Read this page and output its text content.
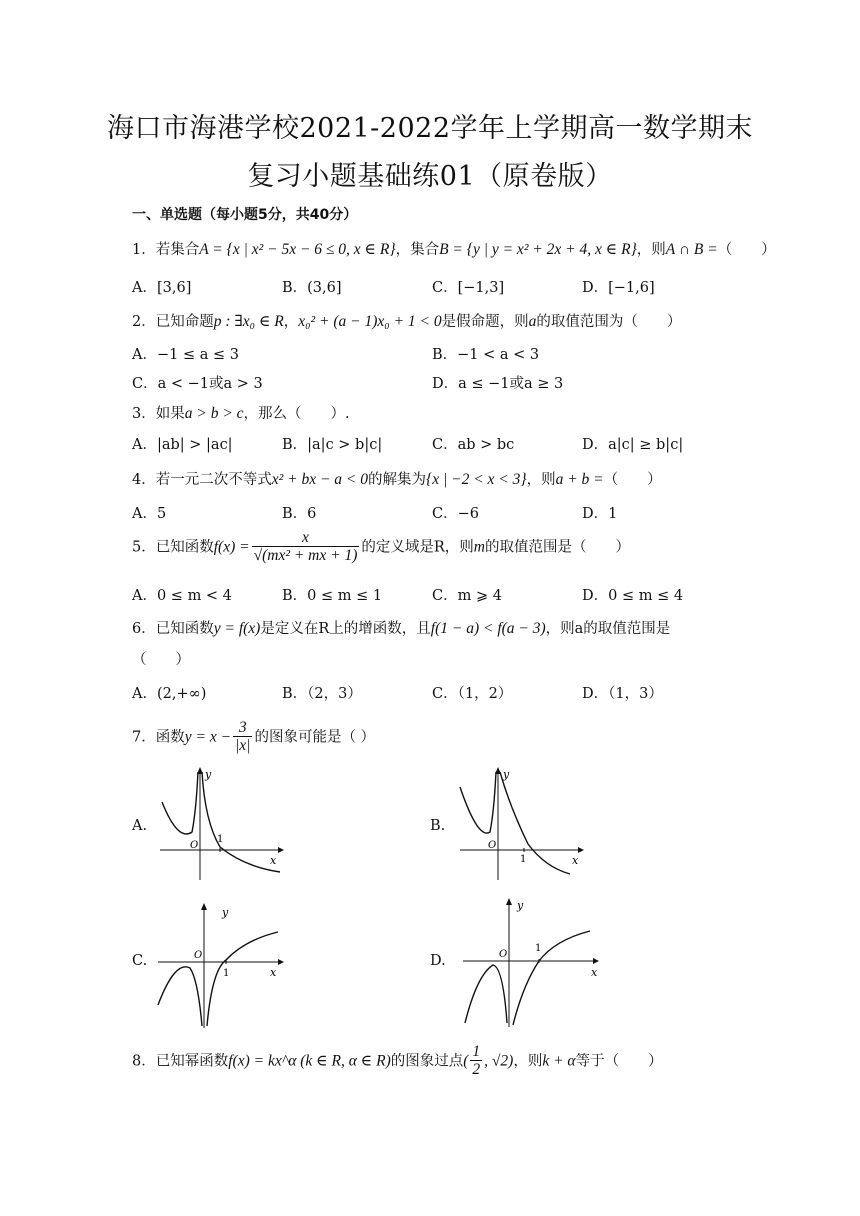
海口市海港学校2021-2022学年上学期高一数学期末
复习小题基础练01（原卷版）
一、单选题（每小题5分，共40分）
1．若集合A = {x | x² − 5x − 6 ≤ 0, x ∈ R}，集合B = {y | y = x² + 2x + 4, x ∈ R}，则A ∩ B =（　　）
A．[3,6]	B．(3,6]	C．[−1,3]	D．[−1,6]
2．已知命题p : ∃x₀ ∈ R，x₀² + (a − 1)x₀ + 1 < 0是假命题，则a的取值范围为（　　）
A．−1 ≤ a ≤ 3	B．−1 < a < 3
C．a < −1或a > 3	D．a ≤ −1或a ≥ 3
3．如果a > b > c，那么（　　）.
A．|ab| > |ac|	B．|a|c > b|c|	C．ab > bc	D．a|c| ≥ b|c|
4．若一元二次不等式x² + bx − a < 0的解集为{x | −2 < x < 3}，则a + b =（　　）
A．5	B．6	C．−6	D．1
5．已知函数$f(x) = \frac{x}{\text{√(mx² + mx + 1)}}$ 的定义域是R，则m的取值范围是（　　）
A．0 ≤ m < 4	B．0 ≤ m ≤ 1	C．m ⩾ 4	D．0 ≤ m ≤ 4
6．已知函数y = f(x)是定义在R上的增函数，且f(1 − a) < f(a − 3)，则a的取值范围是
（　　）
A．(2,+∞)	B．（2，3）	C．（1，2）	D．（1，3）
7．函数$y = x - \frac{3}{|x|}$ 的图象可能是（ ）
A.	B.
C.	D.
y
x
O
1
y
x
O
1
y
x
O
1
y
x
O
1
8．已知幂函数f(x) = kx^α (k ∈ R, α ∈ R)的图象过点( $\frac{1}{2}$ , √2)，则k + α等于（　　）
